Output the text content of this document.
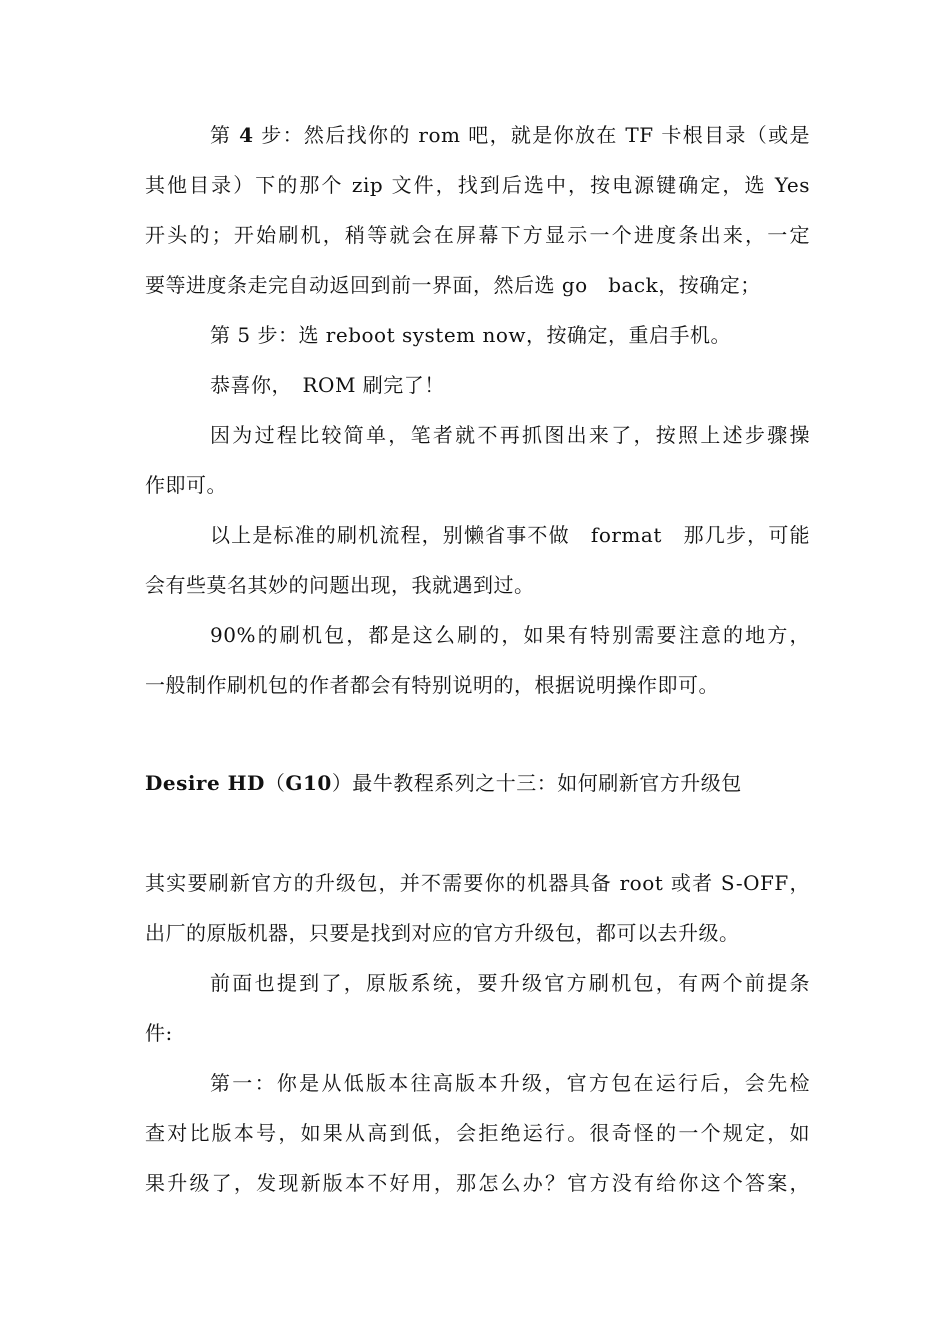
第 4 步：然后找你的 rom 吧，就是你放在 TF 卡根目录（或是
其他目录）下的那个 zip 文件，找到后选中，按电源键确定，选 Yes
开头的；开始刷机，稍等就会在屏幕下方显示一个进度条出来，一定
要等进度条走完自动返回到前一界面，然后选 go　back，按确定；
第 5 步：选 reboot system now，按确定，重启手机。
恭喜你，　ROM 刷完了！
因为过程比较简单，笔者就不再抓图出来了，按照上述步骤操
作即可。
以上是标准的刷机流程，别懒省事不做　format　那几步，可能
会有些莫名其妙的问题出现，我就遇到过。
90%的刷机包，都是这么刷的，如果有特别需要注意的地方，
一般制作刷机包的作者都会有特别说明的，根据说明操作即可。
Desire HD（G10）最牛教程系列之十三：如何刷新官方升级包
其实要刷新官方的升级包，并不需要你的机器具备 root 或者 S-OFF，
出厂的原版机器，只要是找到对应的官方升级包，都可以去升级。
前面也提到了，原版系统，要升级官方刷机包，有两个前提条
件:
第一：你是从低版本往高版本升级，官方包在运行后，会先检
查对比版本号，如果从高到低，会拒绝运行。很奇怪的一个规定，如
果升级了，发现新版本不好用，那怎么办？官方没有给你这个答案，
